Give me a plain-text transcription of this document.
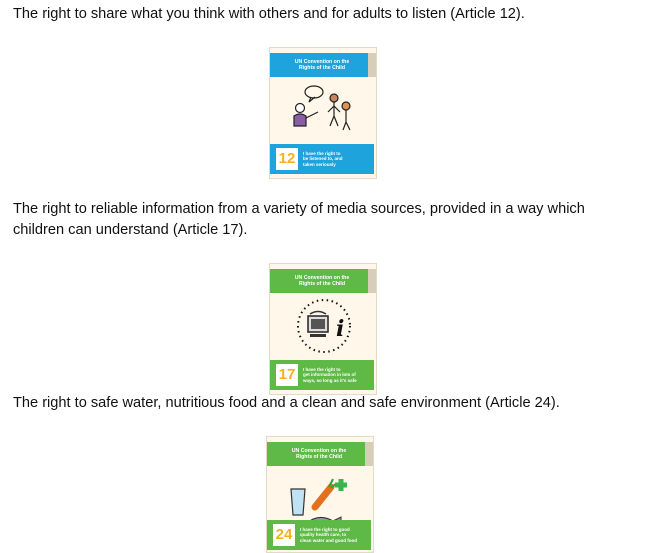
The right to share what you think with others and for adults to listen (Article 12).

UN Convention on the
Rights of the Child
12	I have the right to
be listened to, and
taken seriously

The right to reliable information from a variety of media sources, provided in a way which

children can understand (Article 17).

UN Convention on the
Rights of the Child
i
17	I have the right to
get information in lots of
ways, so long as it's safe

The right to safe water, nutritious food and a clean and safe environment (Article 24).

UN Convention on the
Rights of the Child
24	I have the right to good
quality health care, to
clean water and good food
